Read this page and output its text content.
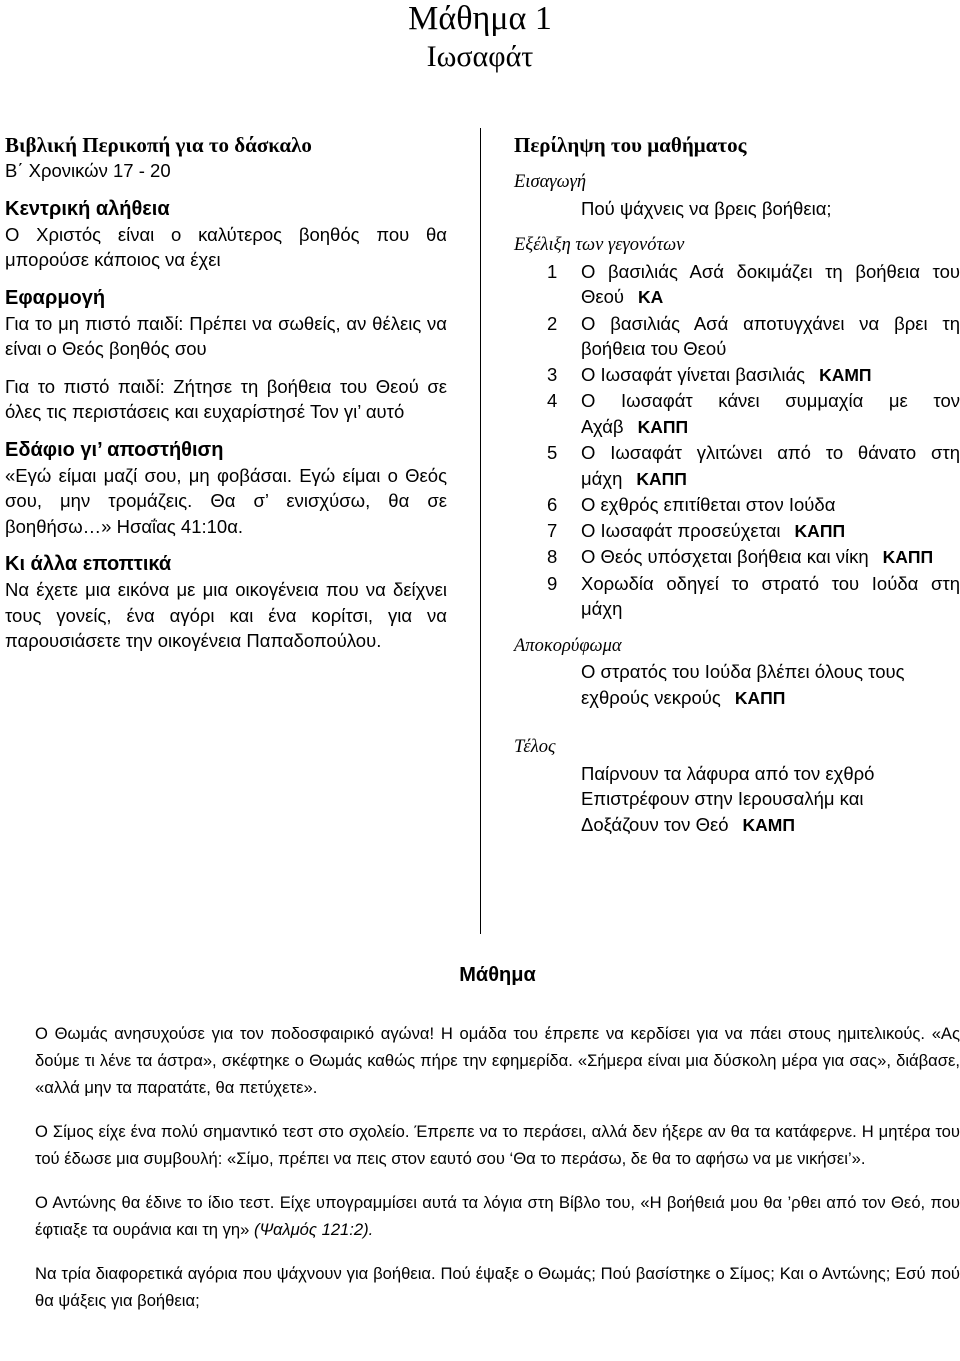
Μάθημα 1
Ιωσαφάτ
Βιβλική Περικοπή για το δάσκαλο
Β΄ Χρονικών 17 - 20
Κεντρική αλήθεια
Ο Χριστός είναι ο καλύτερος βοηθός που θα μπορούσε κάποιος να έχει
Εφαρμογή
Για το μη πιστό παιδί: Πρέπει να σωθείς, αν θέλεις να είναι ο Θεός βοηθός σου
Για το πιστό παιδί: Ζήτησε τη βοήθεια του Θεού σε όλες τις περιστάσεις και ευχαρίστησέ Τον γι’ αυτό
Εδάφιο γι’ αποστήθιση
«Εγώ είμαι μαζί σου, μη φοβάσαι. Εγώ είμαι ο Θεός σου, μην τρομάζεις. Θα σ’ ενισχύσω, θα σε βοηθήσω…» Ησαΐας 41:10α.
Κι άλλα εποπτικά
Να έχετε μια εικόνα με μια οικογένεια που να δείχνει τους γονείς, ένα αγόρι και ένα κορίτσι, για να παρουσιάσετε την οικογένεια Παπαδοπούλου.
Περίληψη του μαθήματος
Εισαγωγή
Πού ψάχνεις να βρεις βοήθεια;
Εξέλιξη των γεγονότων
1	Ο βασιλιάς Ασά δοκιμάζει τη βοήθεια του Θεού ΚΑ
2	Ο βασιλιάς Ασά αποτυγχάνει να βρει τη βοήθεια του Θεού
3	Ο Ιωσαφάτ γίνεται βασιλιάς ΚΑΜΠ
4	Ο Ιωσαφάτ κάνει συμμαχία με τον Αχάβ ΚΑΠΠ
5	Ο Ιωσαφάτ γλιτώνει από το θάνατο στη μάχη ΚΑΠΠ
6	Ο εχθρός επιτίθεται στον Ιούδα
7	Ο Ιωσαφάτ προσεύχεται ΚΑΠΠ
8	Ο Θεός υπόσχεται βοήθεια και νίκη ΚΑΠΠ
9	Χορωδία οδηγεί το στρατό του Ιούδα στη μάχη
Αποκορύφωμα
Ο στρατός του Ιούδα βλέπει όλους τους εχθρούς νεκρούς ΚΑΠΠ
Τέλος
Παίρνουν τα λάφυρα από τον εχθρό
Επιστρέφουν στην Ιερουσαλήμ και
Δοξάζουν τον Θεό ΚΑΜΠ
Μάθημα

Ο Θωμάς ανησυχούσε για τον ποδοσφαιρικό αγώνα! Η ομάδα του έπρεπε να κερδίσει για να πάει στους ημιτελικούς. «Ας δούμε τι λένε τα άστρα», σκέφτηκε ο Θωμάς καθώς πήρε την εφημερίδα. «Σήμερα είναι μια δύσκολη μέρα για σας», διάβασε, «αλλά μην τα παρατάτε, θα πετύχετε».

Ο Σίμος είχε ένα πολύ σημαντικό τεστ στο σχολείο. Έπρεπε να το περάσει, αλλά δεν ήξερε αν θα τα κατάφερνε. Η μητέρα του τού έδωσε μια συμβουλή: «Σίμο, πρέπει να πεις στον εαυτό σου ‘Θα το περάσω, δε θα το αφήσω να με νικήσει’».

Ο Αντώνης θα έδινε το ίδιο τεστ. Είχε υπογραμμίσει αυτά τα λόγια στη Βίβλο του, «Η βοήθειά μου θα ’ρθει από τον Θεό, που έφτιαξε τα ουράνια και τη γη» (Ψαλμός 121:2).

Να τρία διαφορετικά αγόρια που ψάχνουν για βοήθεια. Πού έψαξε ο Θωμάς; Πού βασίστηκε ο Σίμος; Και ο Αντώνης; Εσύ πού θα ψάξεις για βοήθεια;
